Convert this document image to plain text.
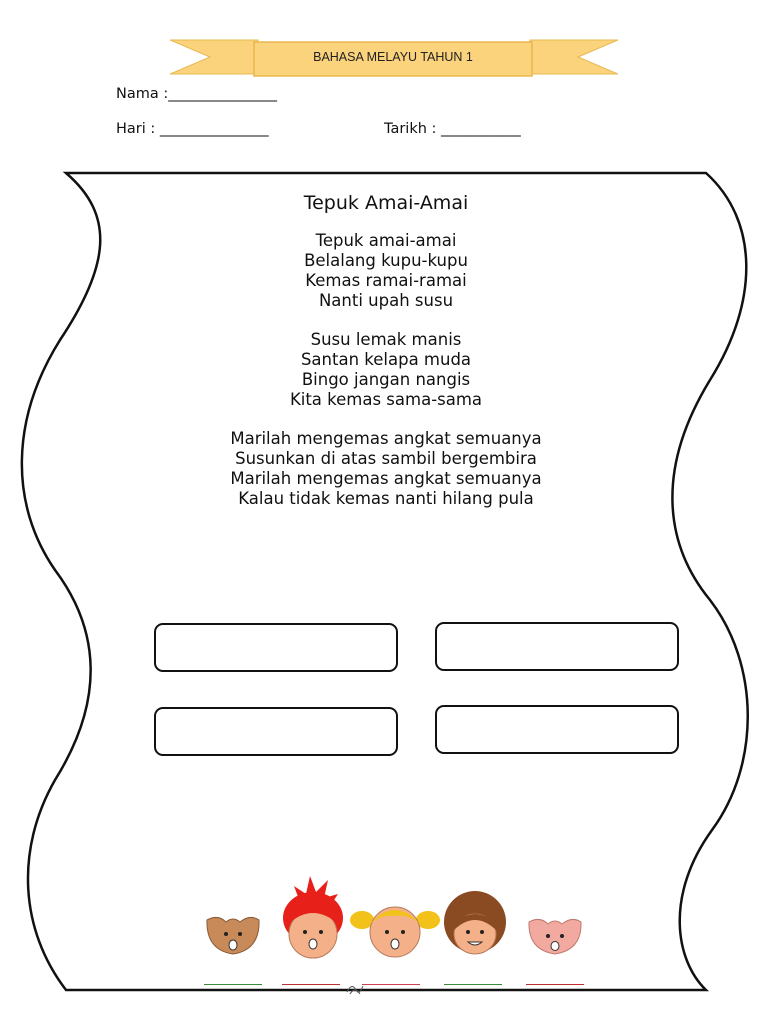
BAHASA MELAYU TAHUN 1
Nama :_______________
Hari : _______________	Tarikh : ___________
Tepuk Amai-Amai
Tepuk amai-amai
Belalang kupu-kupu
Kemas ramai-ramai
Nanti upah susu
Susu lemak manis
Santan kelapa muda
Bingo jangan nangis
Kita kemas sama-sama
Marilah mengemas angkat semuanya
Susunkan di atas sambil bergembira
Marilah mengemas angkat semuanya
Kalau tidak kemas nanti hilang pula
